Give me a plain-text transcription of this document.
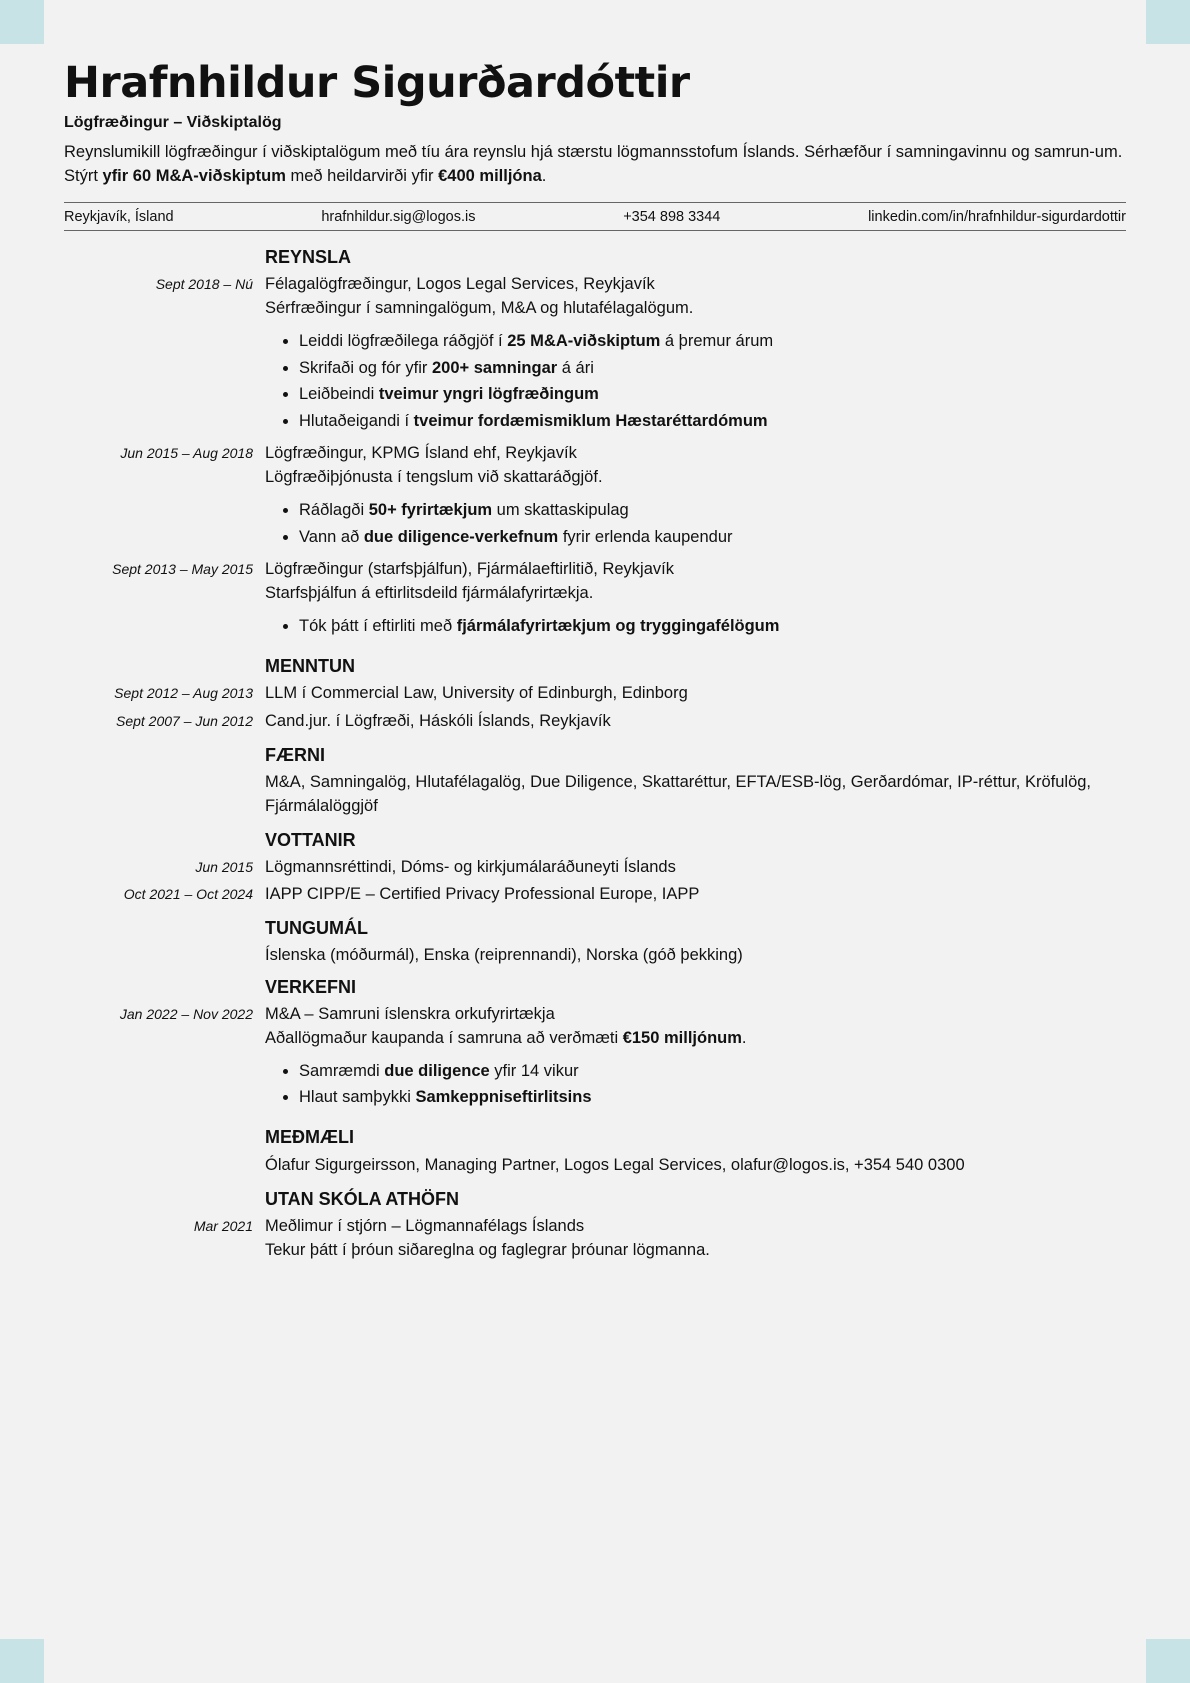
Hrafnhildur Sigurðardóttir
Lögfræðingur – Viðskiptalög
Reynslumikill lögfræðingur í viðskiptalögum með tíu ára reynslu hjá stærstu lögmannsstofum Íslands. Sérhæfður í samningavinnu og samrun-um. Stýrt yfir 60 M&A-viðskiptum með heildarvirði yfir €400 milljóna.
Reykjavík, Ísland	hrafnhildur.sig@logos.is	+354 898 3344	linkedin.com/in/hrafnhildur-sigurdardottir
REYNSLA
Sept 2018 – Nú Félagalögfræðingur, Logos Legal Services, Reykjavík
Sérfræðingur í samningalögum, M&A og hlutafélagalögum.
• Leiddi lögfræðilega ráðgjöf í 25 M&A-viðskiptum á þremur árum
• Skrifaði og fór yfir 200+ samningar á ári
• Leiðbeindi tveimur yngri lögfræðingum
• Hlutaðeigandi í tveimur fordæmismiklum Hæstaréttardómum
Jun 2015 – Aug 2018 Lögfræðingur, KPMG Ísland ehf, Reykjavík
Lögfræðiþjónusta í tengslum við skattaráðgjöf.
• Ráðlagði 50+ fyrirtækjum um skattaskipulag
• Vann að due diligence-verkefnum fyrir erlenda kaupendur
Sept 2013 – May 2015 Lögfræðingur (starfsþjálfun), Fjármálaeftirlitið, Reykjavík
Starfsþjálfun á eftirlitsdeild fjármálafyrirtækja.
• Tók þátt í eftirliti með fjármálafyrirtækjum og tryggingafélögum
MENNTUN
Sept 2012 – Aug 2013 LLM í Commercial Law, University of Edinburgh, Edinborg
Sept 2007 – Jun 2012 Cand.jur. í Lögfræði, Háskóli Íslands, Reykjavík
FÆRNI
M&A, Samningalög, Hlutafélagalög, Due Diligence, Skattaréttur, EFTA/ESB-lög, Gerðardómar, IP-réttur, Kröfulög, Fjármálalöggjöf
VOTTANIR
Jun 2015 Lögmannsréttindi, Dóms- og kirkjumálaráðuneyti Íslands
Oct 2021 – Oct 2024 IAPP CIPP/E – Certified Privacy Professional Europe, IAPP
TUNGUMÁL
Íslenska (móðurmál), Enska (reiprennandi), Norska (góð þekking)
VERKEFNI
Jan 2022 – Nov 2022 M&A – Samruni íslenskra orkufyrirtækja
Aðallögmaður kaupanda í samruna að verðmæti €150 milljónum.
• Samræmdi due diligence yfir 14 vikur
• Hlaut samþykki Samkeppniseftirlitsins
MEÐMÆLI
Ólafur Sigurgeirsson, Managing Partner, Logos Legal Services, olafur@logos.is, +354 540 0300
UTAN SKÓLA ATHÖFN
Mar 2021 Meðlimur í stjórn – Lögmannafélags Íslands
Tekur þátt í þróun siðareglna og faglegrar þróunar lögmanna.
